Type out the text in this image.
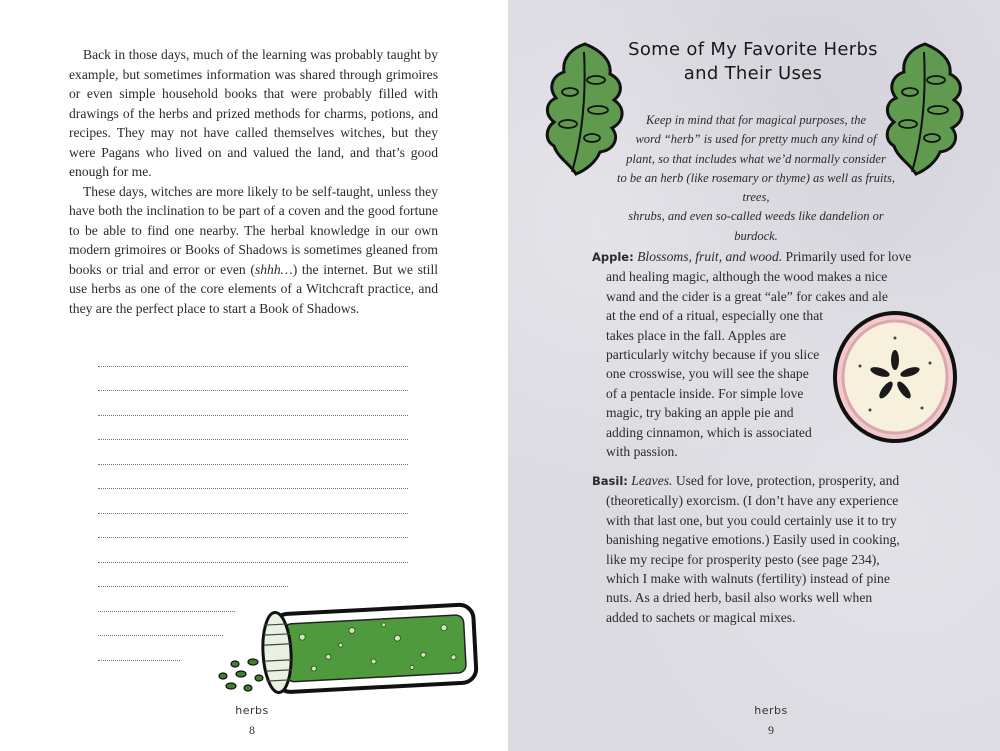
Back in those days, much of the learning was probably taught by example, but sometimes information was shared through grimoires or even simple household books that were probably filled with drawings of the herbs and prized methods for charms, potions, and recipes. They may not have called themselves witches, but they were Pagans who lived on and valued the land, and that’s good enough for me.

These days, witches are more likely to be self-taught, unless they have both the inclination to be part of a coven and the good fortune to be able to find one nearby. The herbal knowledge in our own modern grimoires or Books of Shadows is sometimes gleaned from books or trial and error or even (shhh…) the internet. But we still use herbs as one of the core elements of a Witchcraft practice, and they are the perfect place to start a Book of Shadows.

herbs
8
Some of My Favorite Herbs
and Their Uses
Keep in mind that for magical purposes, the
word “herb” is used for pretty much any kind of
plant, so that includes what we’d normally consider
to be an herb (like rosemary or thyme) as well as fruits, trees,
shrubs, and even so-called weeds like dandelion or burdock.
Apple: Blossoms, fruit, and wood. Primarily used for love
and healing magic, although the wood makes a nice
wand and the cider is a great “ale” for cakes and ale
at the end of a ritual, especially one that
takes place in the fall. Apples are
particularly witchy because if you slice
one crosswise, you will see the shape
of a pentacle inside. For simple love
magic, try baking an apple pie and
adding cinnamon, which is associated
with passion.
Basil: Leaves. Used for love, protection, prosperity, and
(theoretically) exorcism. (I don’t have any experience
with that last one, but you could certainly use it to try
banishing negative emotions.) Easily used in cooking,
like my recipe for prosperity pesto (see page 234),
which I make with walnuts (fertility) instead of pine
nuts. As a dried herb, basil also works well when
added to sachets or magical mixes.
herbs
9
